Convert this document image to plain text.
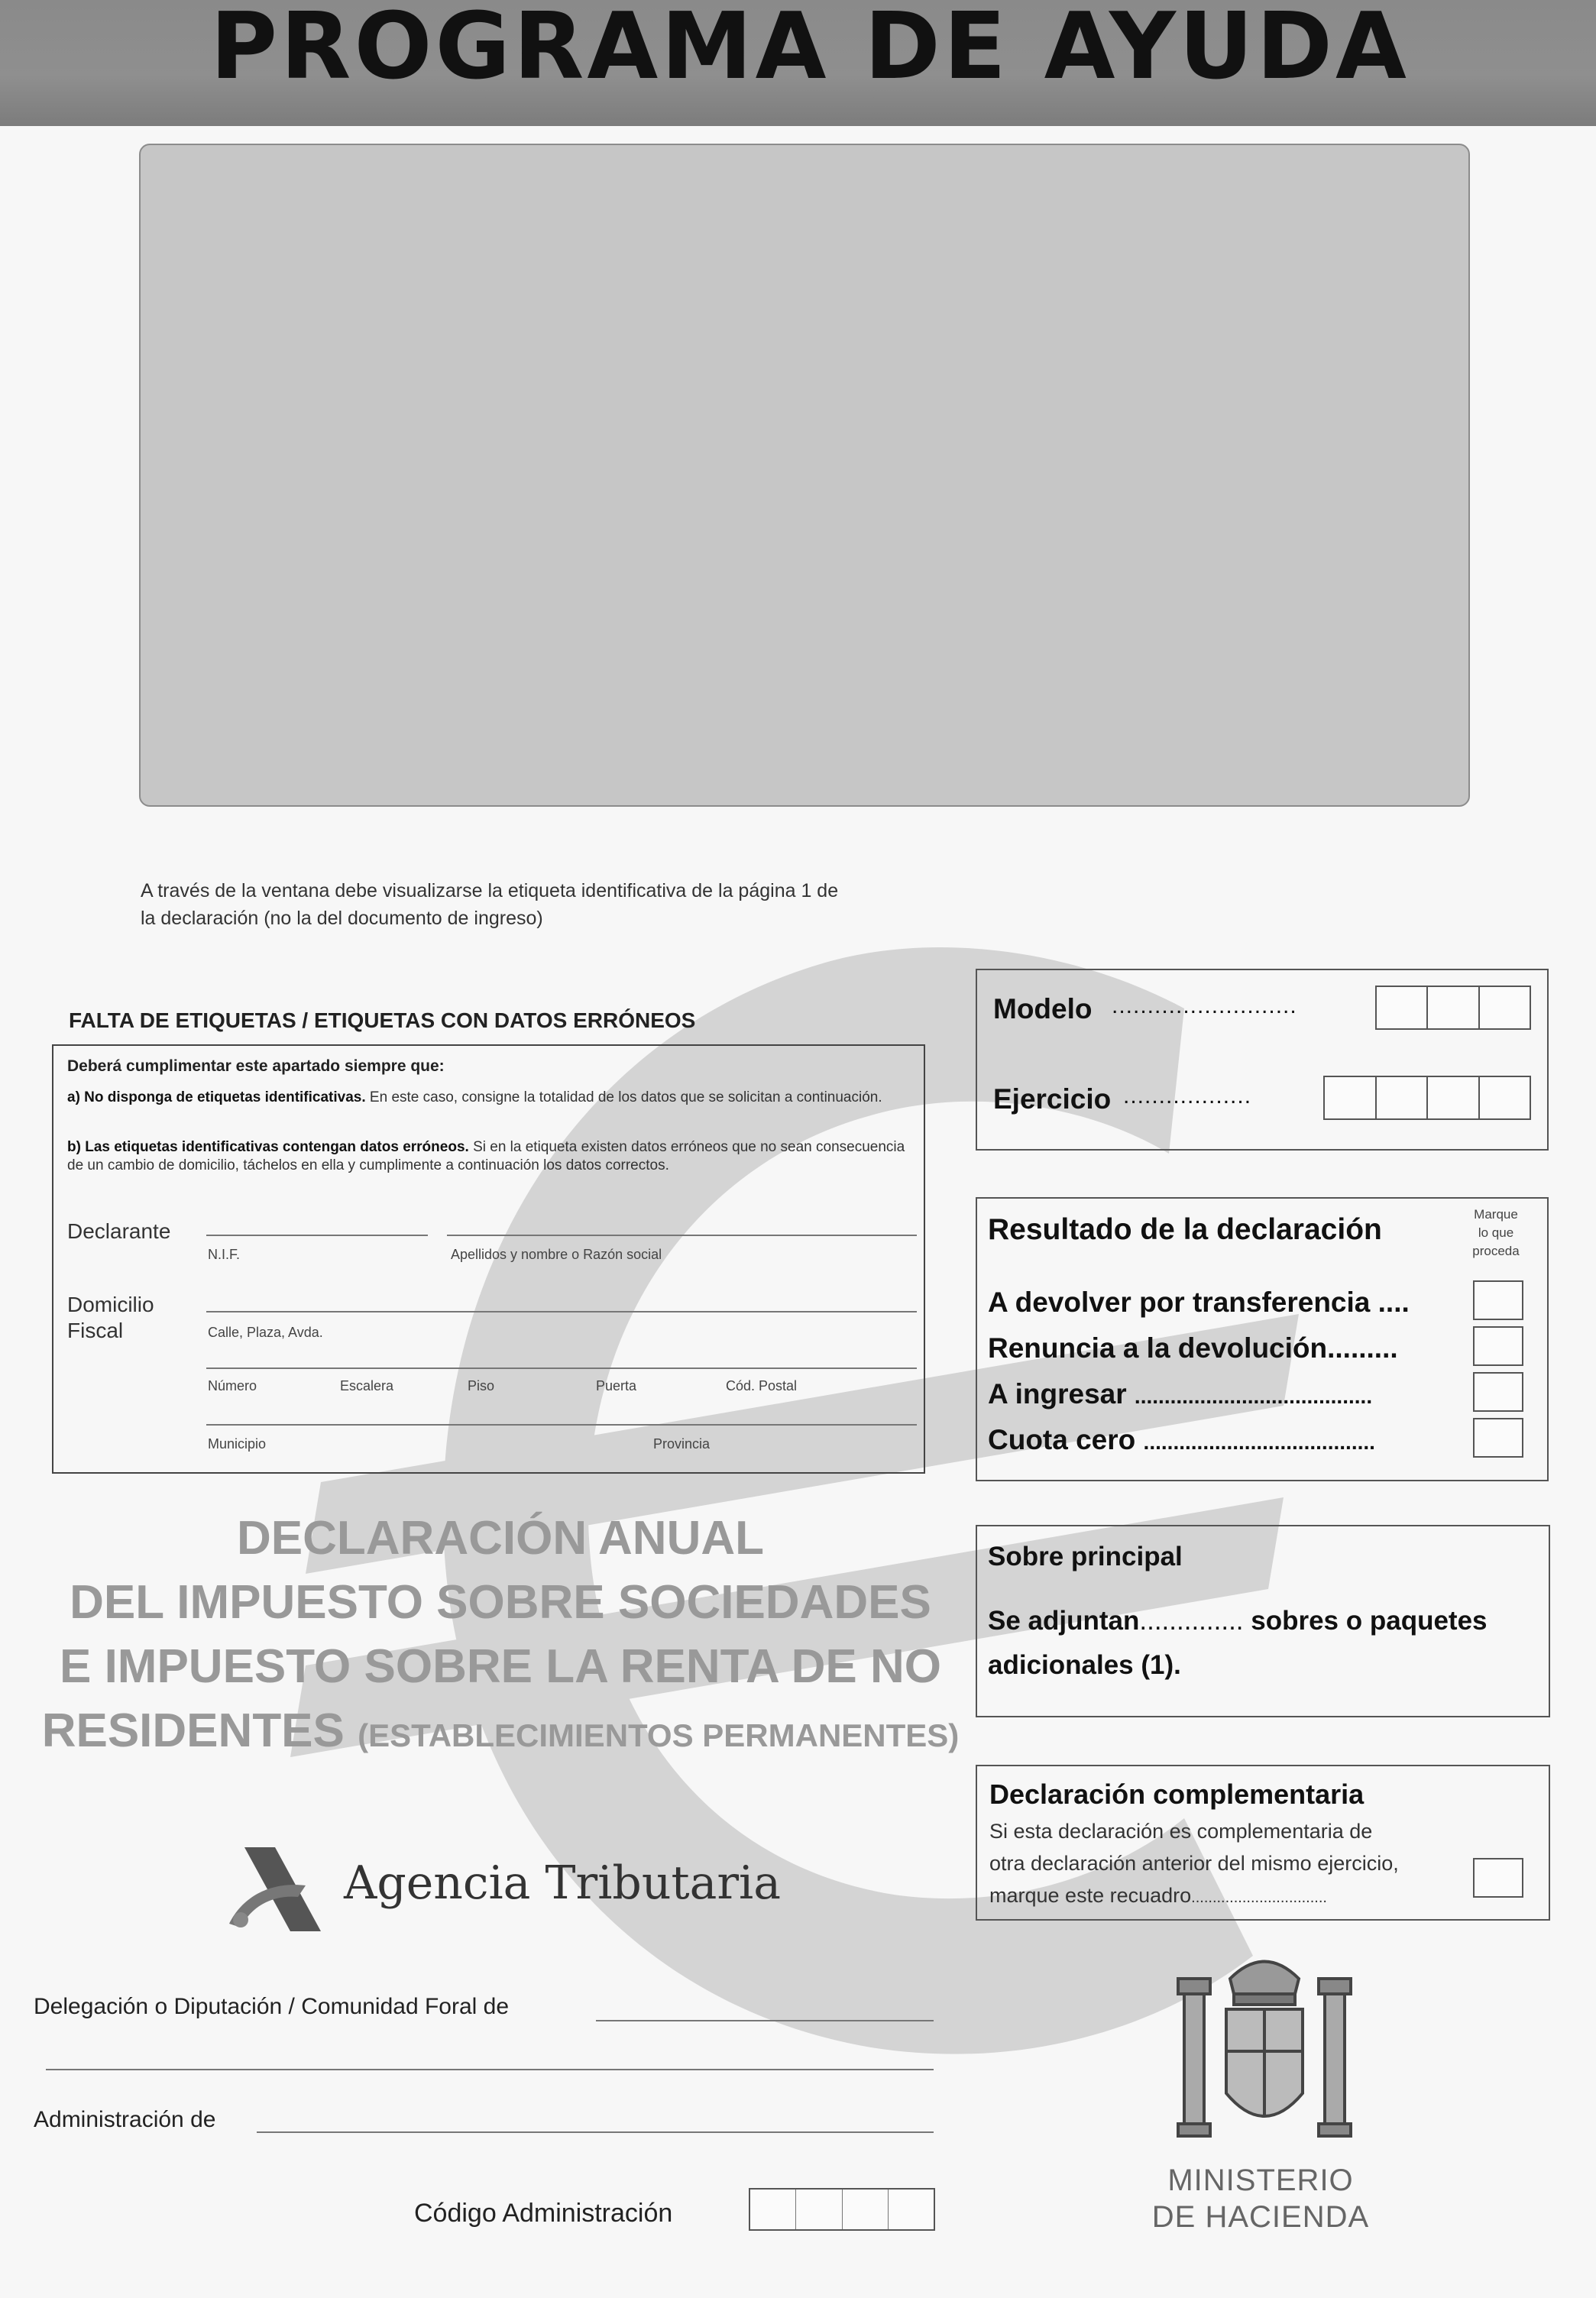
PROGRAMA DE AYUDA
A través de la ventana debe visualizarse la etiqueta identificativa de la página 1 de
la declaración (no la del documento de ingreso)
FALTA DE ETIQUETAS / ETIQUETAS CON DATOS ERRÓNEOS
Deberá cumplimentar este apartado siempre que:
a) No disponga de etiquetas identificativas. En este caso, consigne la totalidad de los datos que se solicitan a continuación.
b) Las etiquetas identificativas contengan datos erróneos. Si en la etiqueta existen datos erróneos que no sean consecuencia de un cambio de domicilio, táchelos en ella y cumplimente a continuación los datos correctos.
Declarante
N.I.F.	Apellidos y nombre o Razón social
Domicilio
Fiscal	Calle, Plaza, Avda.
Número	Escalera	Piso	Puerta	Cód. Postal
Municipio	Provincia
Modelo ..........................
Ejercicio ..................
Resultado de la declaración	Marque
lo que
proceda
A devolver por transferencia ....
Renuncia a la devolución.........
A ingresar ........................................
Cuota cero .......................................
Sobre principal
Se adjuntan.............. sobres o paquetes
adicionales (1).
Declaración complementaria
Si esta declaración es complementaria de
otra declaración anterior del mismo ejercicio,
marque este recuadro................................
DECLARACIÓN ANUAL
DEL IMPUESTO SOBRE SOCIEDADES
E IMPUESTO SOBRE LA RENTA DE NO
RESIDENTES (ESTABLECIMIENTOS PERMANENTES)
Agencia Tributaria
Delegación o Diputación / Comunidad Foral de
Administración de
Código Administración
MINISTERIO
DE HACIENDA
